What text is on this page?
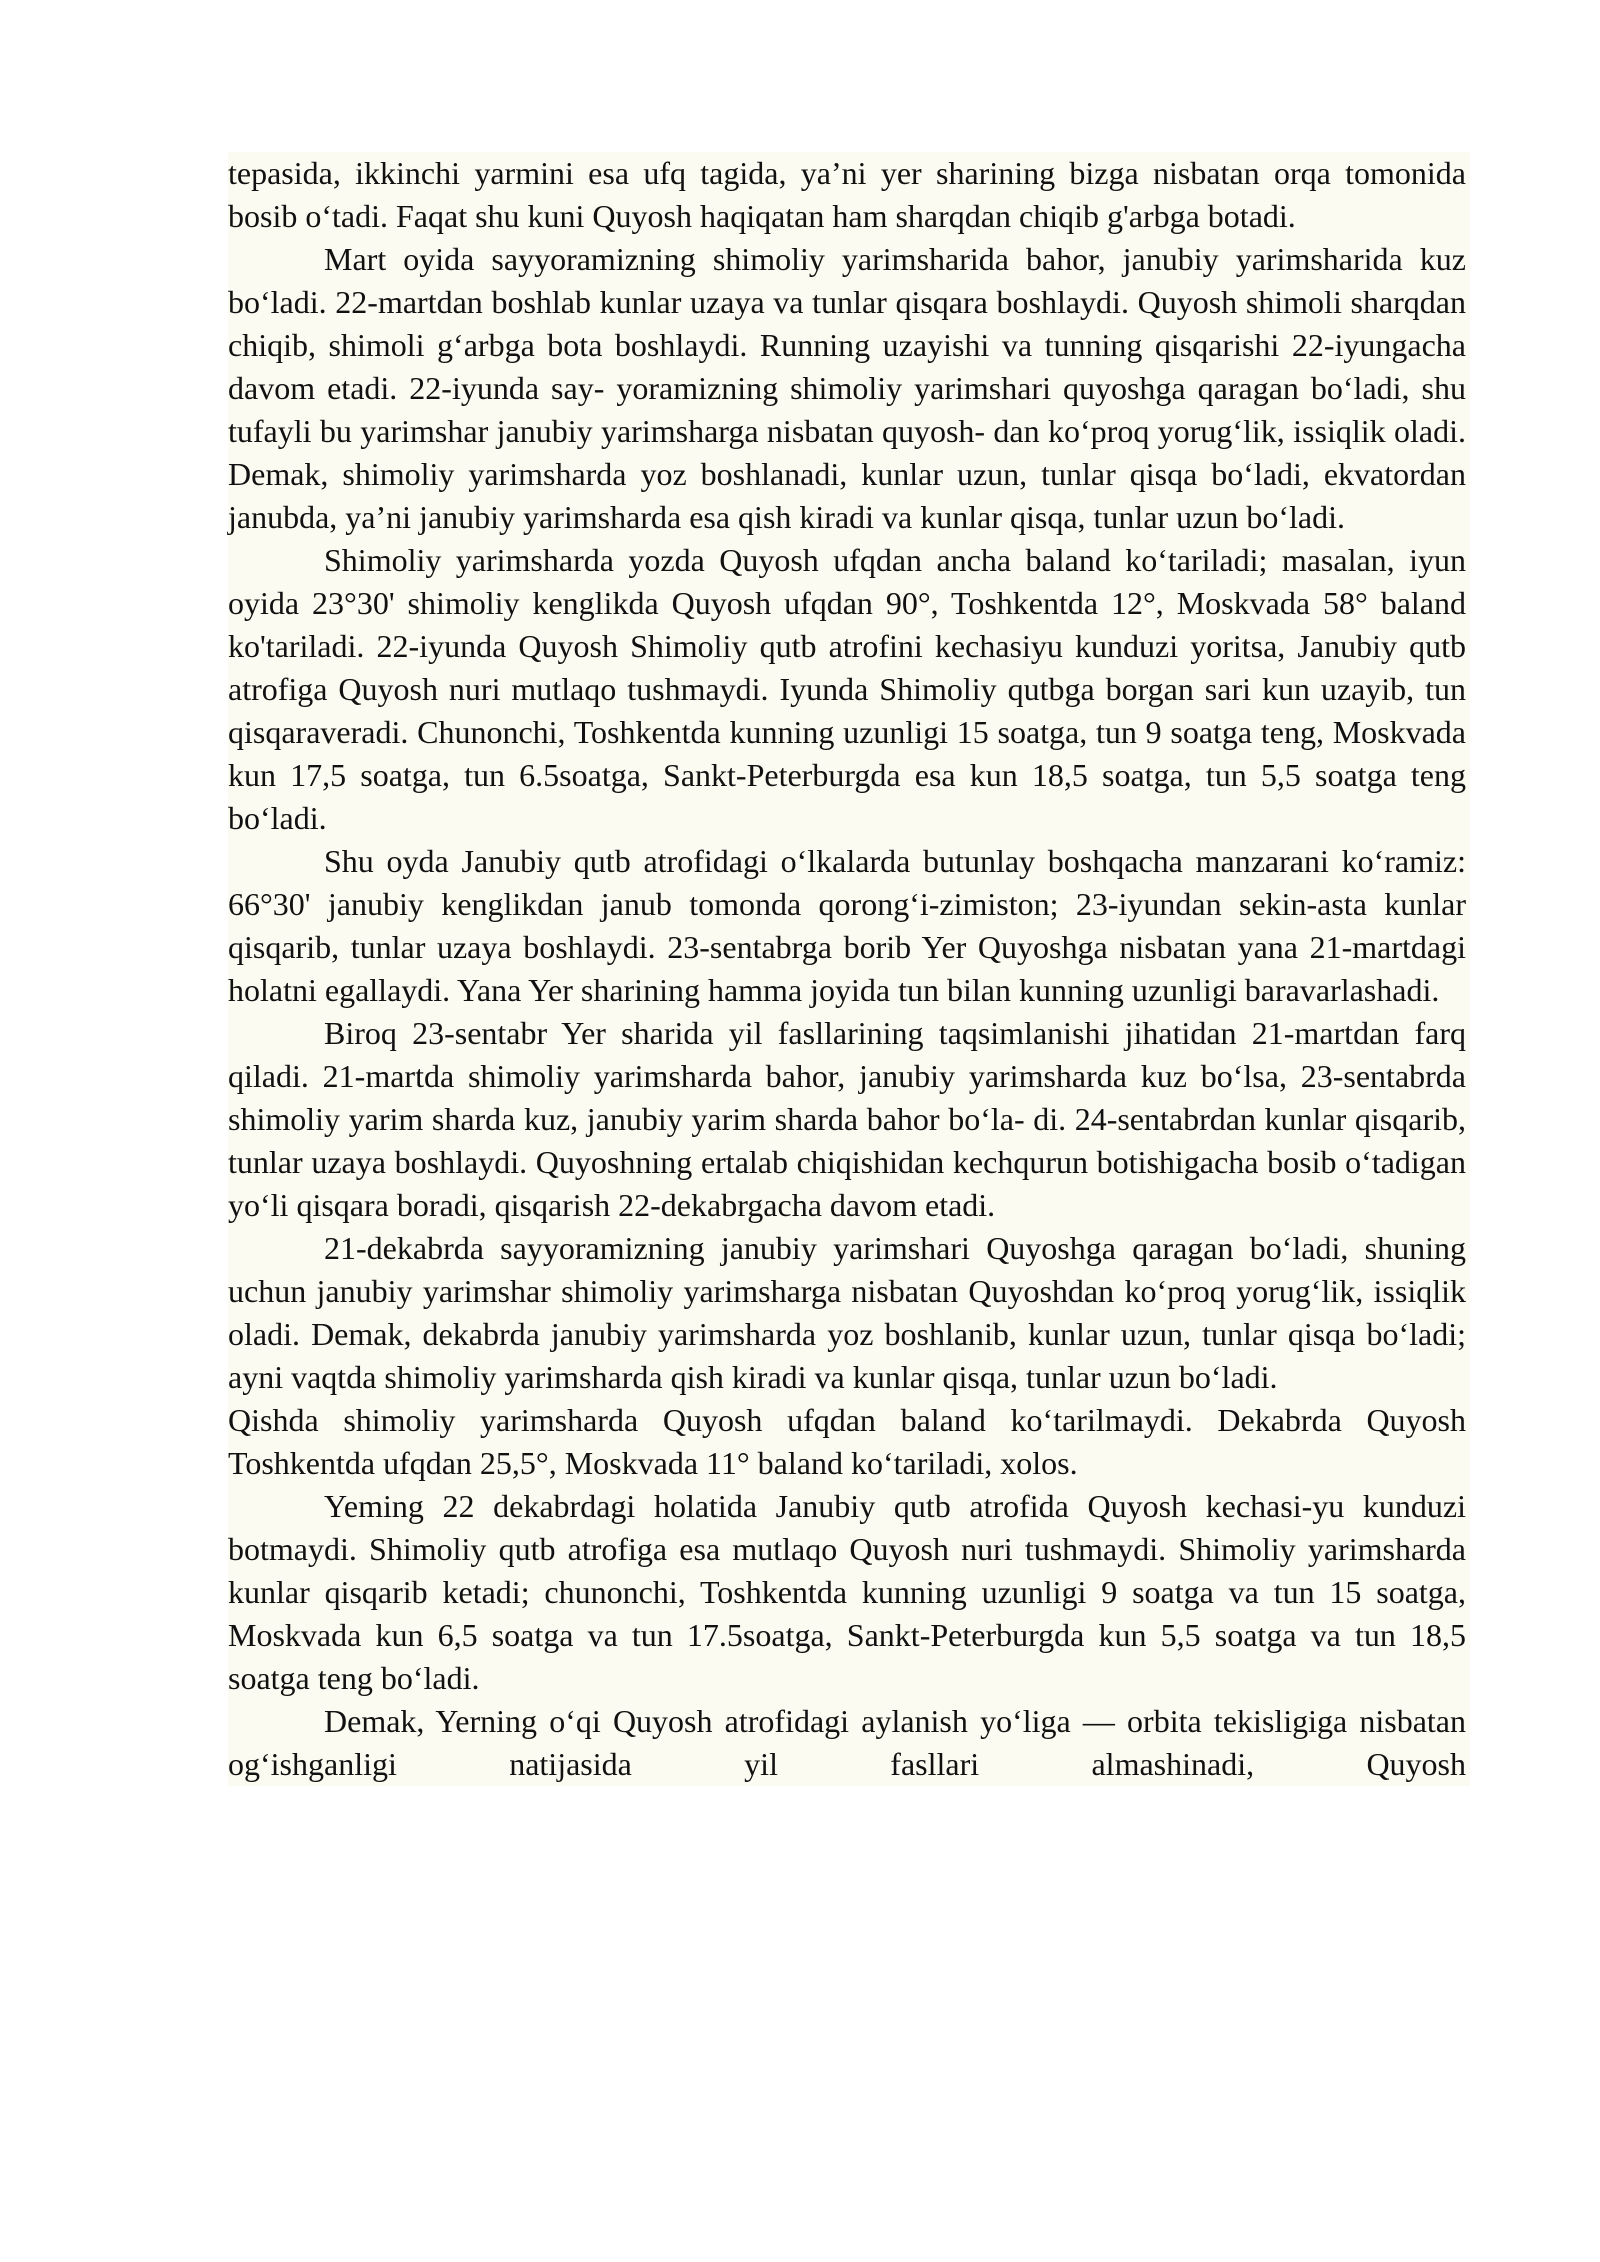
tepasida, ikkinchi yarmini esa ufq tagida, ya’ni yer sharining bizga nisbatan orqa tomonida bosib o‘tadi. Faqat shu kuni Quyosh haqiqatan ham sharqdan chiqib g'arbga botadi.

Mart oyida sayyoramizning shimoliy yarimsharida bahor, janubiy yarimsharida kuz bo‘ladi. 22-martdan boshlab kunlar uzaya va tunlar qisqara boshlaydi. Quyosh shimoli sharqdan chiqib, shimoli g‘arbga bota boshlaydi. Running uzayishi va tunning qisqarishi 22-iyungacha davom etadi. 22-iyunda say- yoramizning shimoliy yarimshari quyoshga qaragan bo‘ladi, shu tufayli bu yarimshar janubiy yarimsharga nisbatan quyosh- dan ko‘proq yorug‘lik, issiqlik oladi. Demak, shimoliy yarimsharda yoz boshlanadi, kunlar uzun, tunlar qisqa bo‘ladi, ekvatordan janubda, ya’ni janubiy yarimsharda esa qish kiradi va kunlar qisqa, tunlar uzun bo‘ladi.

Shimoliy yarimsharda yozda Quyosh ufqdan ancha baland ko‘tariladi; masalan, iyun oyida 23°30' shimoliy kenglikda Quyosh ufqdan 90°, Toshkentda 12°, Moskvada 58° baland ko'tariladi. 22-iyunda Quyosh Shimoliy qutb atrofini kechasiyu kunduzi yoritsa, Janubiy qutb atrofiga Quyosh nuri mutlaqo tushmaydi. Iyunda Shimoliy qutbga borgan sari kun uzayib, tun qisqaraveradi. Chunonchi, Toshkentda kunning uzunligi 15 soatga, tun 9 soatga teng, Moskvada kun 17,5 soatga, tun 6.5soatga, Sankt-Peterburgda esa kun 18,5 soatga, tun 5,5 soatga teng bo‘ladi.

Shu oyda Janubiy qutb atrofidagi o‘lkalarda butunlay boshqacha manzarani ko‘ramiz: 66°30' janubiy kenglikdan janub tomonda qorong‘i-zimiston; 23-iyundan sekin-asta kunlar qisqarib, tunlar uzaya boshlaydi. 23-sentabrga borib Yer Quyoshga nisbatan yana 21-martdagi holatni egallaydi. Yana Yer sharining hamma joyida tun bilan kunning uzunligi baravarlashadi.

Biroq 23-sentabr Yer sharida yil fasllarining taqsimlanishi jihatidan 21-martdan farq qiladi. 21-martda shimoliy yarimsharda bahor, janubiy yarimsharda kuz bo‘lsa, 23-sentabrda shimoliy yarim sharda kuz, janubiy yarim sharda bahor bo‘la- di. 24-sentabrdan kunlar qisqarib, tunlar uzaya boshlaydi. Quyoshning ertalab chiqishidan kechqurun botishigacha bosib o‘tadigan yo‘li qisqara boradi, qisqarish 22-dekabrgacha davom etadi.

21-dekabrda sayyoramizning janubiy yarimshari Quyoshga qaragan bo‘ladi, shuning uchun janubiy yarimshar shimoliy yarimsharga nisbatan Quyoshdan ko‘proq yorug‘lik, issiqlik oladi. Demak, dekabrda janubiy yarimsharda yoz boshlanib, kunlar uzun, tunlar qisqa bo‘ladi; ayni vaqtda shimoliy yarimsharda qish kiradi va kunlar qisqa, tunlar uzun bo‘ladi.

Qishda shimoliy yarimsharda Quyosh ufqdan baland ko‘tarilmaydi. Dekabrda Quyosh Toshkentda ufqdan 25,5°, Moskvada 11° baland ko‘tariladi, xolos.

Yeming 22 dekabrdagi holatida Janubiy qutb atrofida Quyosh kechasi-yu kunduzi botmaydi. Shimoliy qutb atrofiga esa mutlaqo Quyosh nuri tushmaydi. Shimoliy yarimsharda kunlar qisqarib ketadi; chunonchi, Toshkentda kunning uzunligi 9 soatga va tun 15 soatga, Moskvada kun 6,5 soatga va tun 17.5soatga, Sankt-Peterburgda kun 5,5 soatga va tun 18,5 soatga teng bo‘ladi.

Demak, Yerning o‘qi Quyosh atrofidagi aylanish yo‘liga — orbita tekisligiga nisbatan og‘ishganligi natijasida yil fasllari almashinadi, Quyosh
